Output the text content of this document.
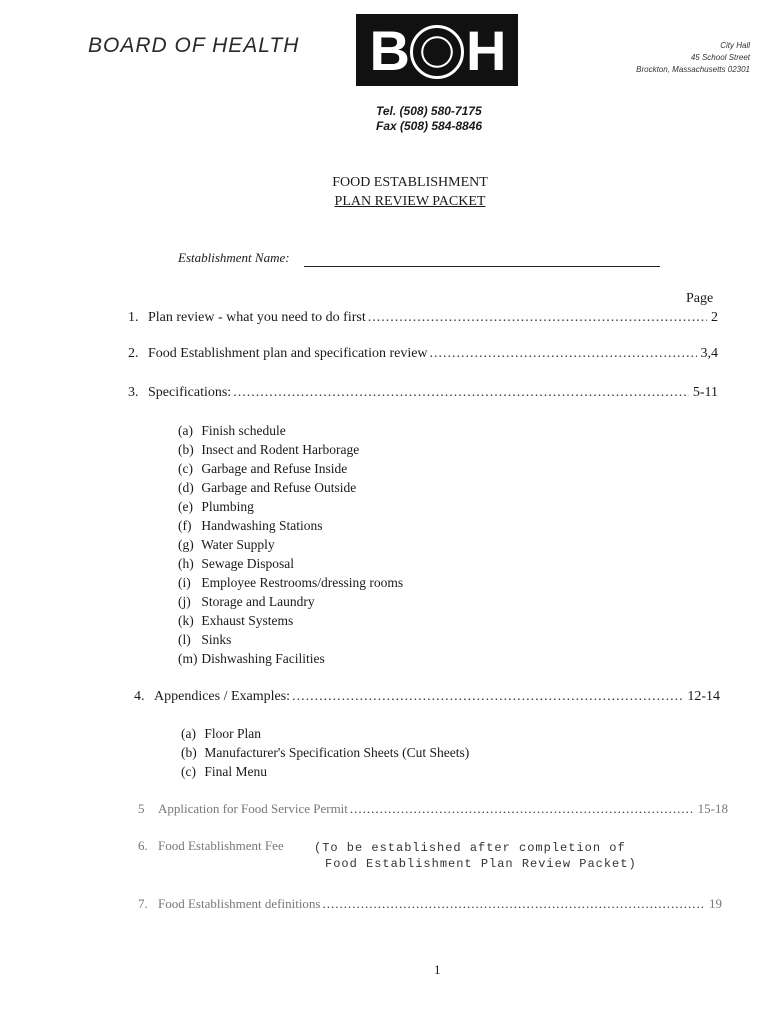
BOARD OF HEALTH B H	City Hall
45 School Street
Brockton, Massachusetts 02301
Tel. (508) 580-7175
Fax (508) 584-8846
FOOD ESTABLISHMENT
PLAN REVIEW PACKET
Establishment Name:
Page
1. Plan review - what you need to do first .....	2
2. Food Establishment plan and specification review .....	3,4
3. Specifications: .....	5-11
(a) Finish schedule
(b) Insect and Rodent Harborage
(c) Garbage and Refuse Inside
(d) Garbage and Refuse Outside
(e) Plumbing
(f) Handwashing Stations
(g) Water Supply
(h) Sewage Disposal
(i) Employee Restrooms/dressing rooms
(j) Storage and Laundry
(k) Exhaust Systems
(l) Sinks
(m) Dishwashing Facilities
4. Appendices / Examples: .....	12-14
(a) Floor Plan
(b) Manufacturer's Specification Sheets (Cut Sheets)
(c) Final Menu
5	Application for Food Service Permit .....	15-18
6. Food Establishment Fee	(To be established after completion of
Food Establishment Plan Review Packet)
7. Food Establishment definitions .....	19
1
